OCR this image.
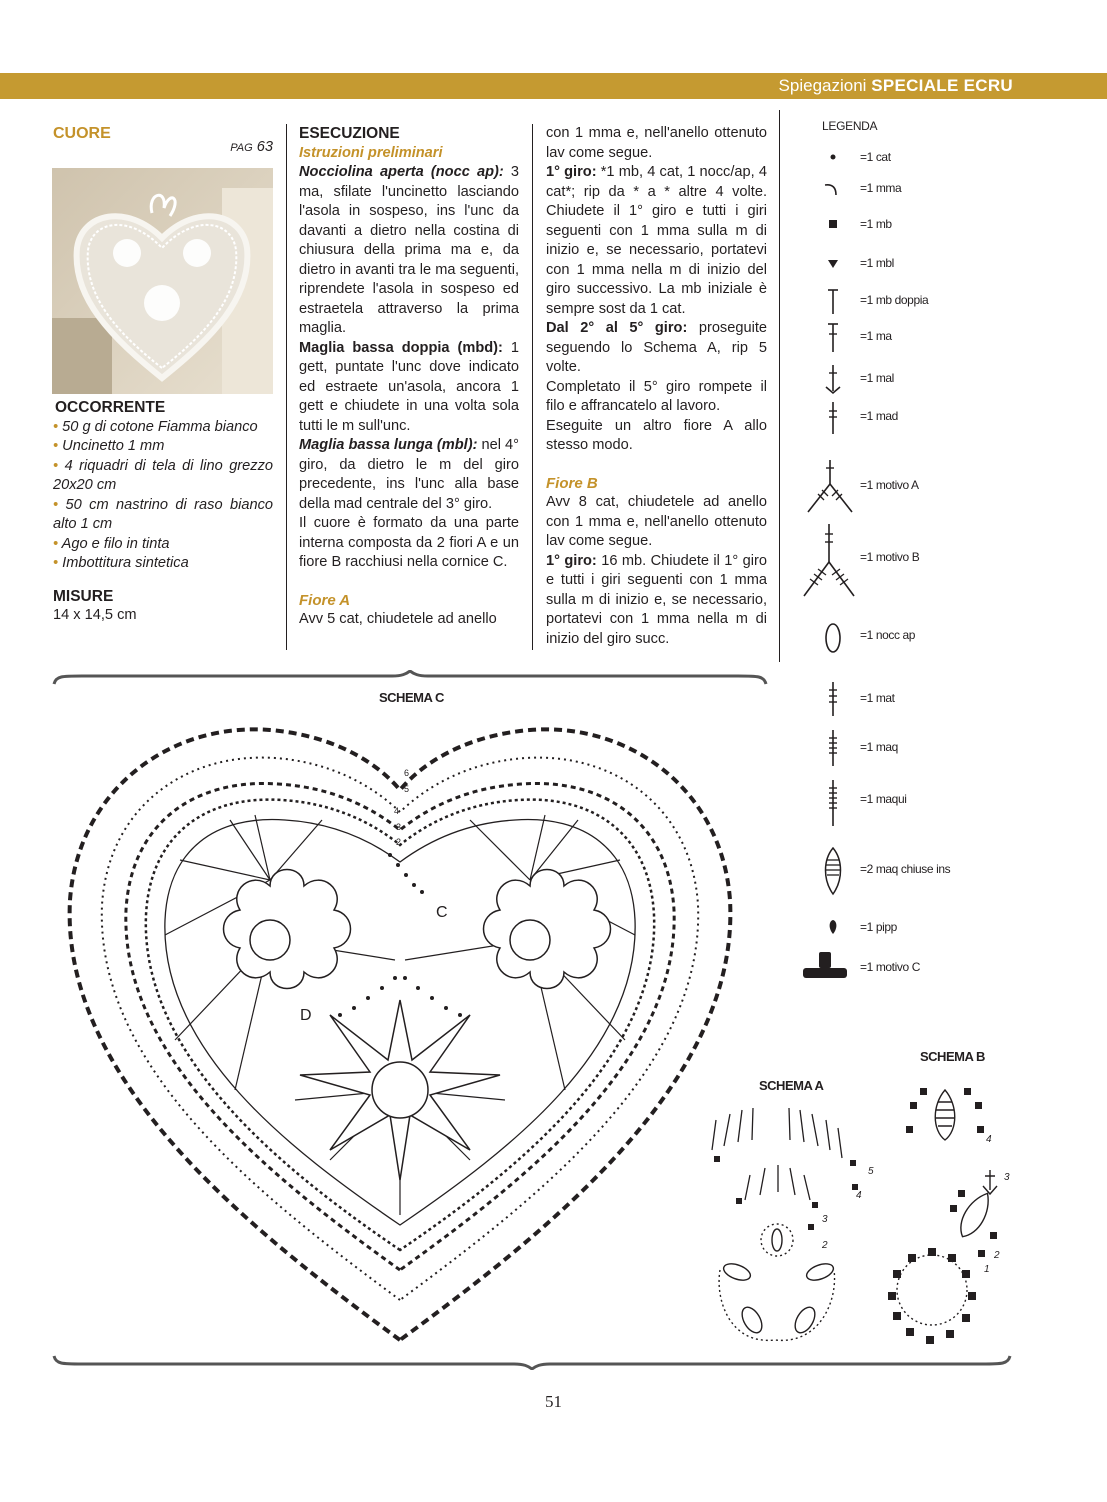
Spiegazioni SPECIALE ECRU
CUORE
PAG 63
OCCORRENTE

• 50 g di cotone Fiamma bianco

• Uncinetto 1 mm

• 4 riquadri di tela di lino grezzo 20x20 cm

• 50 cm nastrino di raso bianco alto 1 cm

• Ago e filo in tinta

• Imbottitura sintetica

MISURE
14 x 14,5 cm
ESECUZIONE
Istruzioni preliminari

Nocciolina aperta (nocc ap): 3 ma, sfilate l'uncinetto lasciando l'asola in sospeso, ins l'unc da davanti a dietro nella costina di chiusura della prima ma e, da dietro in avanti tra le ma seguenti, riprendete l'asola in sospeso ed estraetela attraverso la prima maglia.

Maglia bassa doppia (mbd): 1 gett, puntate l'unc dove indicato ed estraete un'asola, ancora 1 gett e chiudete in una volta sola tutti le m sull'unc.

Maglia bassa lunga (mbl): nel 4° giro, da dietro le m del giro precedente, ins l'unc alla base della mad centrale del 3° giro.

Il cuore è formato da una parte interna composta da 2 fiori A e un fiore B racchiusi nella cornice C.

Fiore A

Avv 5 cat, chiudetele ad anello

con 1 mma e, nell'anello ottenuto lav come segue.

1° giro: *1 mb, 4 cat, 1 nocc/ap, 4 cat*; rip da * a * altre 4 volte. Chiudete il 1° giro e tutti i giri seguenti con 1 mma sulla m di inizio e, se necessario, portatevi con 1 mma nella m di inizio del giro successivo. La mb iniziale è sempre sost da 1 cat.

Dal 2° al 5° giro: proseguite seguendo lo Schema A, rip 5 volte.

Completato il 5° giro rompete il filo e affrancatelo al lavoro.

Eseguite un altro fiore A allo stesso modo.

Fiore B

Avv 8 cat, chiudetele ad anello con 1 mma e, nell'anello ottenuto lav come segue.

1° giro: 16 mb. Chiudete il 1° giro e tutti i giri seguenti con 1 mma sulla m di inizio e, se necessario, portatevi con 1 mma nella m di inizio del giro succ.

LEGENDA
=1 cat
=1 mma
=1 mb
=1 mbl
=1 mb doppia
=1 ma
=1 mal
=1 mad
=1 motivo A
=1 motivo B
=1 nocc ap
=1 mat
=1 maq
=1 maqui
=2 maq chiuse ins
=1 pipp
=1 motivo C
SCHEMA C
SCHEMA A
SCHEMA B
C
D
6
5
4
3
2
5
4
3
2
4
3
2
1
51
